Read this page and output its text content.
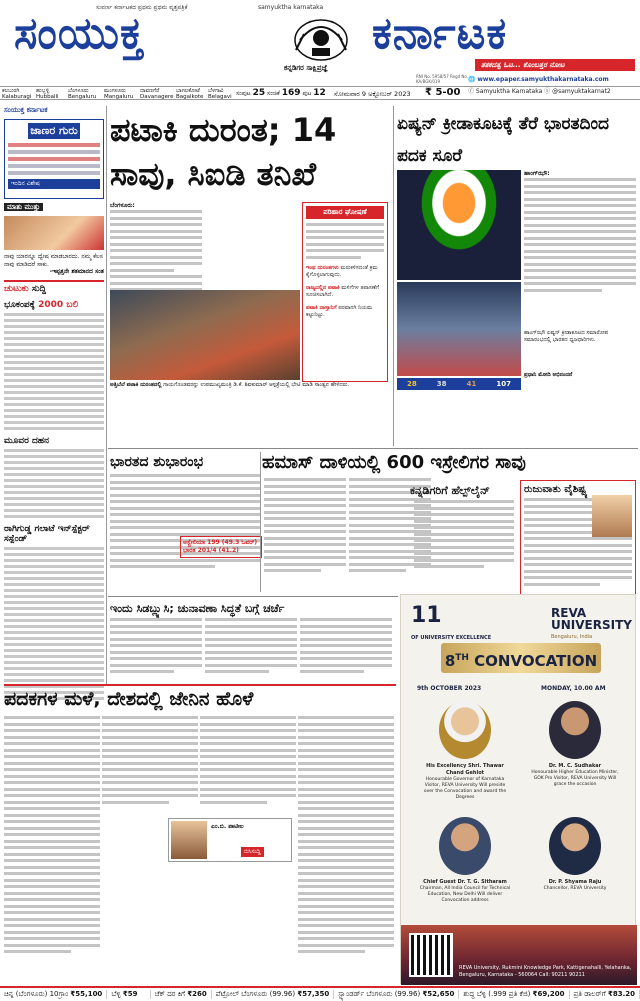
ಸುವರ್ಣ ಕರ್ನಾಟಕದ ಪ್ರಥಮ ಪ್ರಥಮ ವೃತ್ತಪತ್ರಿಕೆ	samyuktha karnataka
ಸಂಯುಕ್ತ
ಕನ್ನಡಿಗರ ಸಾಕ್ಷಿಪ್ರಜ್ಞೆ
ಕರ್ನಾಟಕ
RNI No. 5958/57 Regd No. KA/BGK/019
ತತಕದತ್ವ ಓಟ... ಕೊಂಬತ್ತರ ನೋಟ
🌐 www.epaper.samyukthakarnataka.com
ⓕ Samyuktha Karnataka ⓧ @samyuktakarnat2
ಕಲಬುರಗಿ
Kalaburagi
ಹುಬ್ಬಳ್ಳಿ
Hubballi
ಬೆಂಗಳೂರು
Bengaluru
ಮಂಗಳೂರು
Mangaluru
ದಾವಣಗೆರೆ
Davanagere
ಬಾಗಲಕೋಟೆ
Bagalkote
ಬೆಳಗಾವಿ
Belagavi ಸಂಪುಟ 25 ಸಂಚಿಕೆ 169 ಪುಟ 12 ಸೋಮವಾರ 9 ಅಕ್ಟೋಬರ್ 2023 ₹ 5-00
ಸಂಯುಕ್ತ ಕರ್ನಾಟಕ
ಜಾಣರ ಗುರು
ಇಂದಿನ ವಿಶೇಷ
ಮಾತು ಮುತ್ತು
ನಾವು ಯಾರನ್ನೂ ದ್ವೇಷ ಮಾಡಬಾರದು. ನಮ್ಮ ಕೆಲಸ ನಾವು ಮಾಡಿದರೆ ಸಾಕು.
-ಇಪ್ಪತ್ತನೇ ಶತಮಾನದ ಸಂತ
ಚುಟುಕು ಸುದ್ದಿ
ಭೂಕಂಪಕ್ಕೆ 2000 ಬಲಿ
ಮೂವರ ದಹನ
ರಾಗಿಗುಡ್ಡ ಗಲಾಟೆ ಇನ್‌ಸ್ಪೆಕ್ಟರ್ ಸಸ್ಪೆಂಡ್
ಪಟಾಕಿ ದುರಂತ; 14 ಸಾವು, ಸಿಐಡಿ ತನಿಖೆ
ಬೆಂಗಳೂರು:
ಅತ್ತಿಬೆಲೆ ಪಟಾಕಿ ದುರಂತದಲ್ಲಿ ಗಾಯಗೊಂಡವರನ್ನು ಉಪಮುಖ್ಯಮಂತ್ರಿ ಡಿ.ಕೆ. ಶಿವಕುಮಾರ್ ಆಸ್ಪತ್ರೆಯಲ್ಲಿ ಭೇಟಿ ಮಾಡಿ ಸಾಂತ್ವನ ಹೇಳಿದರು.
ಪರಿಹಾರ ಘೋಷಣೆ
ಇಂಥ ದುರಂತಗಳು ಮರುಕಳಿಸದಂತೆ ಕ್ರಮ ಕೈಗೊಳ್ಳಲಾಗುವುದು.
ರಾಜ್ಯದಲ್ಲಿನ ಪಟಾಕಿ ಮಳಿಗೆಗಳ ತಪಾಸಣೆಗೆ ಸೂಚಿಸಲಾಗಿದೆ.
ಪಟಾಕಿ ದಾಸ್ತಾನಿಗೆ ಪರವಾನಗಿ ನಿಯಮ ಕಟ್ಟುನಿಟ್ಟು.
ಏಷ್ಯನ್ ಕ್ರೀಡಾಕೂಟಕ್ಕೆ ತೆರೆ ಭಾರತದಿಂದ ಪದಕ ಸೂರೆ
28	38	41	107
ಹಾಂಗ್‌ಝೌ:
ಹಾಂಗ್‌ಝೌ ಏಷ್ಯನ್ ಕ್ರೀಡಾಕೂಟದ ಸಮಾರೋಪ ಸಮಾರಂಭದಲ್ಲಿ ಭಾರತದ ಧ್ವಜಧಾರಿಗಳು.
ಪ್ರಧಾನಿ ಮೋದಿ ಅಭಿನಂದನೆ
ಭಾರತದ ಶುಭಾರಂಭ
ಆಸ್ಟ್ರೇಲಿಯಾ 199 (49.3 ಓವರ್)
ಭಾರತ 201/4 (41.2)
ಹಮಾಸ್ ದಾಳಿಯಲ್ಲಿ 600 ಇಸ್ರೇಲಿಗರ ಸಾವು
ಕನ್ನಡಿಗರಿಗೆ ಹೆಲ್ಪ್‌ಲೈನ್	ರುಜುವಾತು ವೈಶಿಷ್ಟ್ಯ
ಇಂದು ಸಿಡಬ್ಲ್ಯುಸಿ; ಚುನಾವಣಾ ಸಿದ್ಧತೆ ಬಗ್ಗೆ ಚರ್ಚೆ
ಪದಕಗಳ ಮಳೆ, ದೇಶದಲ್ಲಿ ಜೇನಿನ ಹೊಳೆ
ಎಂ.ಬಿ. ಪಾಟೀಲ
ಬಿಸಿಸುದ್ದಿ
11
OF UNIVERSITY EXCELLENCE
REVA UNIVERSITY
Bengaluru, India
8TH CONVOCATION
9th OCTOBER 2023	MONDAY, 10.00 AM
His Excellency Shri. Thawar Chand Gehlot
Honourable Governor of Karnataka Visitor, REVA University Will preside over the Convocation and award the Degrees
Dr. M. C. Sudhakar
Honourable Higher Education Minister, GOK Pro Visitor, REVA University Will grace the occasion
Chief Guest Dr. T. G. Sitharam
Chairman, All India Council for Technical Education, New Delhi Will deliver Convocation address
Dr. P. Shyama Raju
Chancellor, REVA University
REVA University, Rukmini Knowledge Park, Kattigenahalli, Yelahanka, Bengaluru, Karnataka - 560064 Call: 90211 90211
ಚಿನ್ನ (ಬೆಂಗಳೂರು) 10ಗ್ರಾಂ ₹55,100	ಬೆಳ್ಳಿ ₹59	ಚೆಕ್ ದರ ಕಿಗೆ ₹260	ಪೆಟ್ರೋಲ್ ಬೆಂಗಳೂರು (99.96) ₹57,350	ಸ್ಟ್ಯಾಂಡರ್ಡ್ ಬೆಂಗಳೂರು (99.96) ₹52,650	ಶುದ್ಧ ಬೆಳ್ಳಿ (.999 ಪ್ರತಿ ಕೆಜಿ) ₹69,200	ಪ್ರತಿ ಡಾಲರ್‌ಗೆ ₹83.20
